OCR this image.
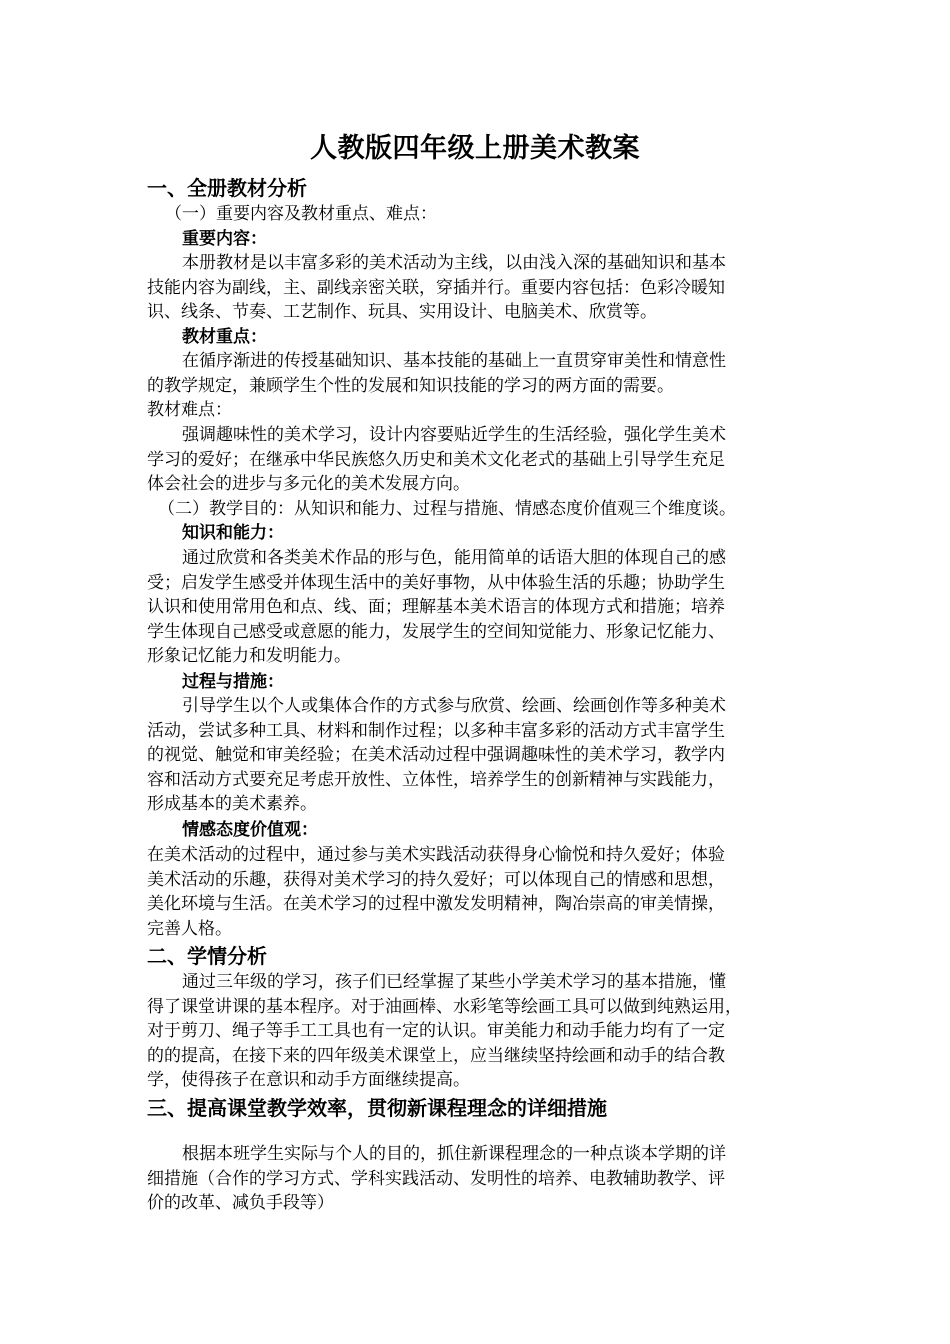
人教版四年级上册美术教案
一、全册教材分析
（一）重要内容及教材重点、难点：
重要内容：
本册教材是以丰富多彩的美术活动为主线，以由浅入深的基础知识和基本
技能内容为副线，主、副线亲密关联，穿插并行。重要内容包括：色彩冷暖知
识、线条、节奏、工艺制作、玩具、实用设计、电脑美术、欣赏等。
教材重点：
在循序渐进的传授基础知识、基本技能的基础上一直贯穿审美性和情意性
的教学规定，兼顾学生个性的发展和知识技能的学习的两方面的需要。
教材难点：
强调趣味性的美术学习，设计内容要贴近学生的生活经验，强化学生美术
学习的爱好；在继承中华民族悠久历史和美术文化老式的基础上引导学生充足
体会社会的进步与多元化的美术发展方向。
（二）教学目的：从知识和能力、过程与措施、情感态度价值观三个维度谈。
知识和能力：
通过欣赏和各类美术作品的形与色，能用简单的话语大胆的体现自己的感
受；启发学生感受并体现生活中的美好事物，从中体验生活的乐趣；协助学生
认识和使用常用色和点、线、面；理解基本美术语言的体现方式和措施；培养
学生体现自己感受或意愿的能力，发展学生的空间知觉能力、形象记忆能力、
形象记忆能力和发明能力。
过程与措施：
引导学生以个人或集体合作的方式参与欣赏、绘画、绘画创作等多种美术
活动，尝试多种工具、材料和制作过程；以多种丰富多彩的活动方式丰富学生
的视觉、触觉和审美经验；在美术活动过程中强调趣味性的美术学习，教学内
容和活动方式要充足考虑开放性、立体性，培养学生的创新精神与实践能力，
形成基本的美术素养。
情感态度价值观：
在美术活动的过程中，通过参与美术实践活动获得身心愉悦和持久爱好；体验
美术活动的乐趣，获得对美术学习的持久爱好；可以体现自己的情感和思想，
美化环境与生活。在美术学习的过程中激发发明精神，陶冶崇高的审美情操，
完善人格。
二、学情分析
通过三年级的学习，孩子们已经掌握了某些小学美术学习的基本措施，懂
得了课堂讲课的基本程序。对于油画棒、水彩笔等绘画工具可以做到纯熟运用，
对于剪刀、绳子等手工工具也有一定的认识。审美能力和动手能力均有了一定
的的提高，在接下来的四年级美术课堂上，应当继续坚持绘画和动手的结合教
学，使得孩子在意识和动手方面继续提高。
三、提高课堂教学效率，贯彻新课程理念的详细措施
根据本班学生实际与个人的目的，抓住新课程理念的一种点谈本学期的详
细措施（合作的学习方式、学科实践活动、发明性的培养、电教辅助教学、评
价的改革、减负手段等）
